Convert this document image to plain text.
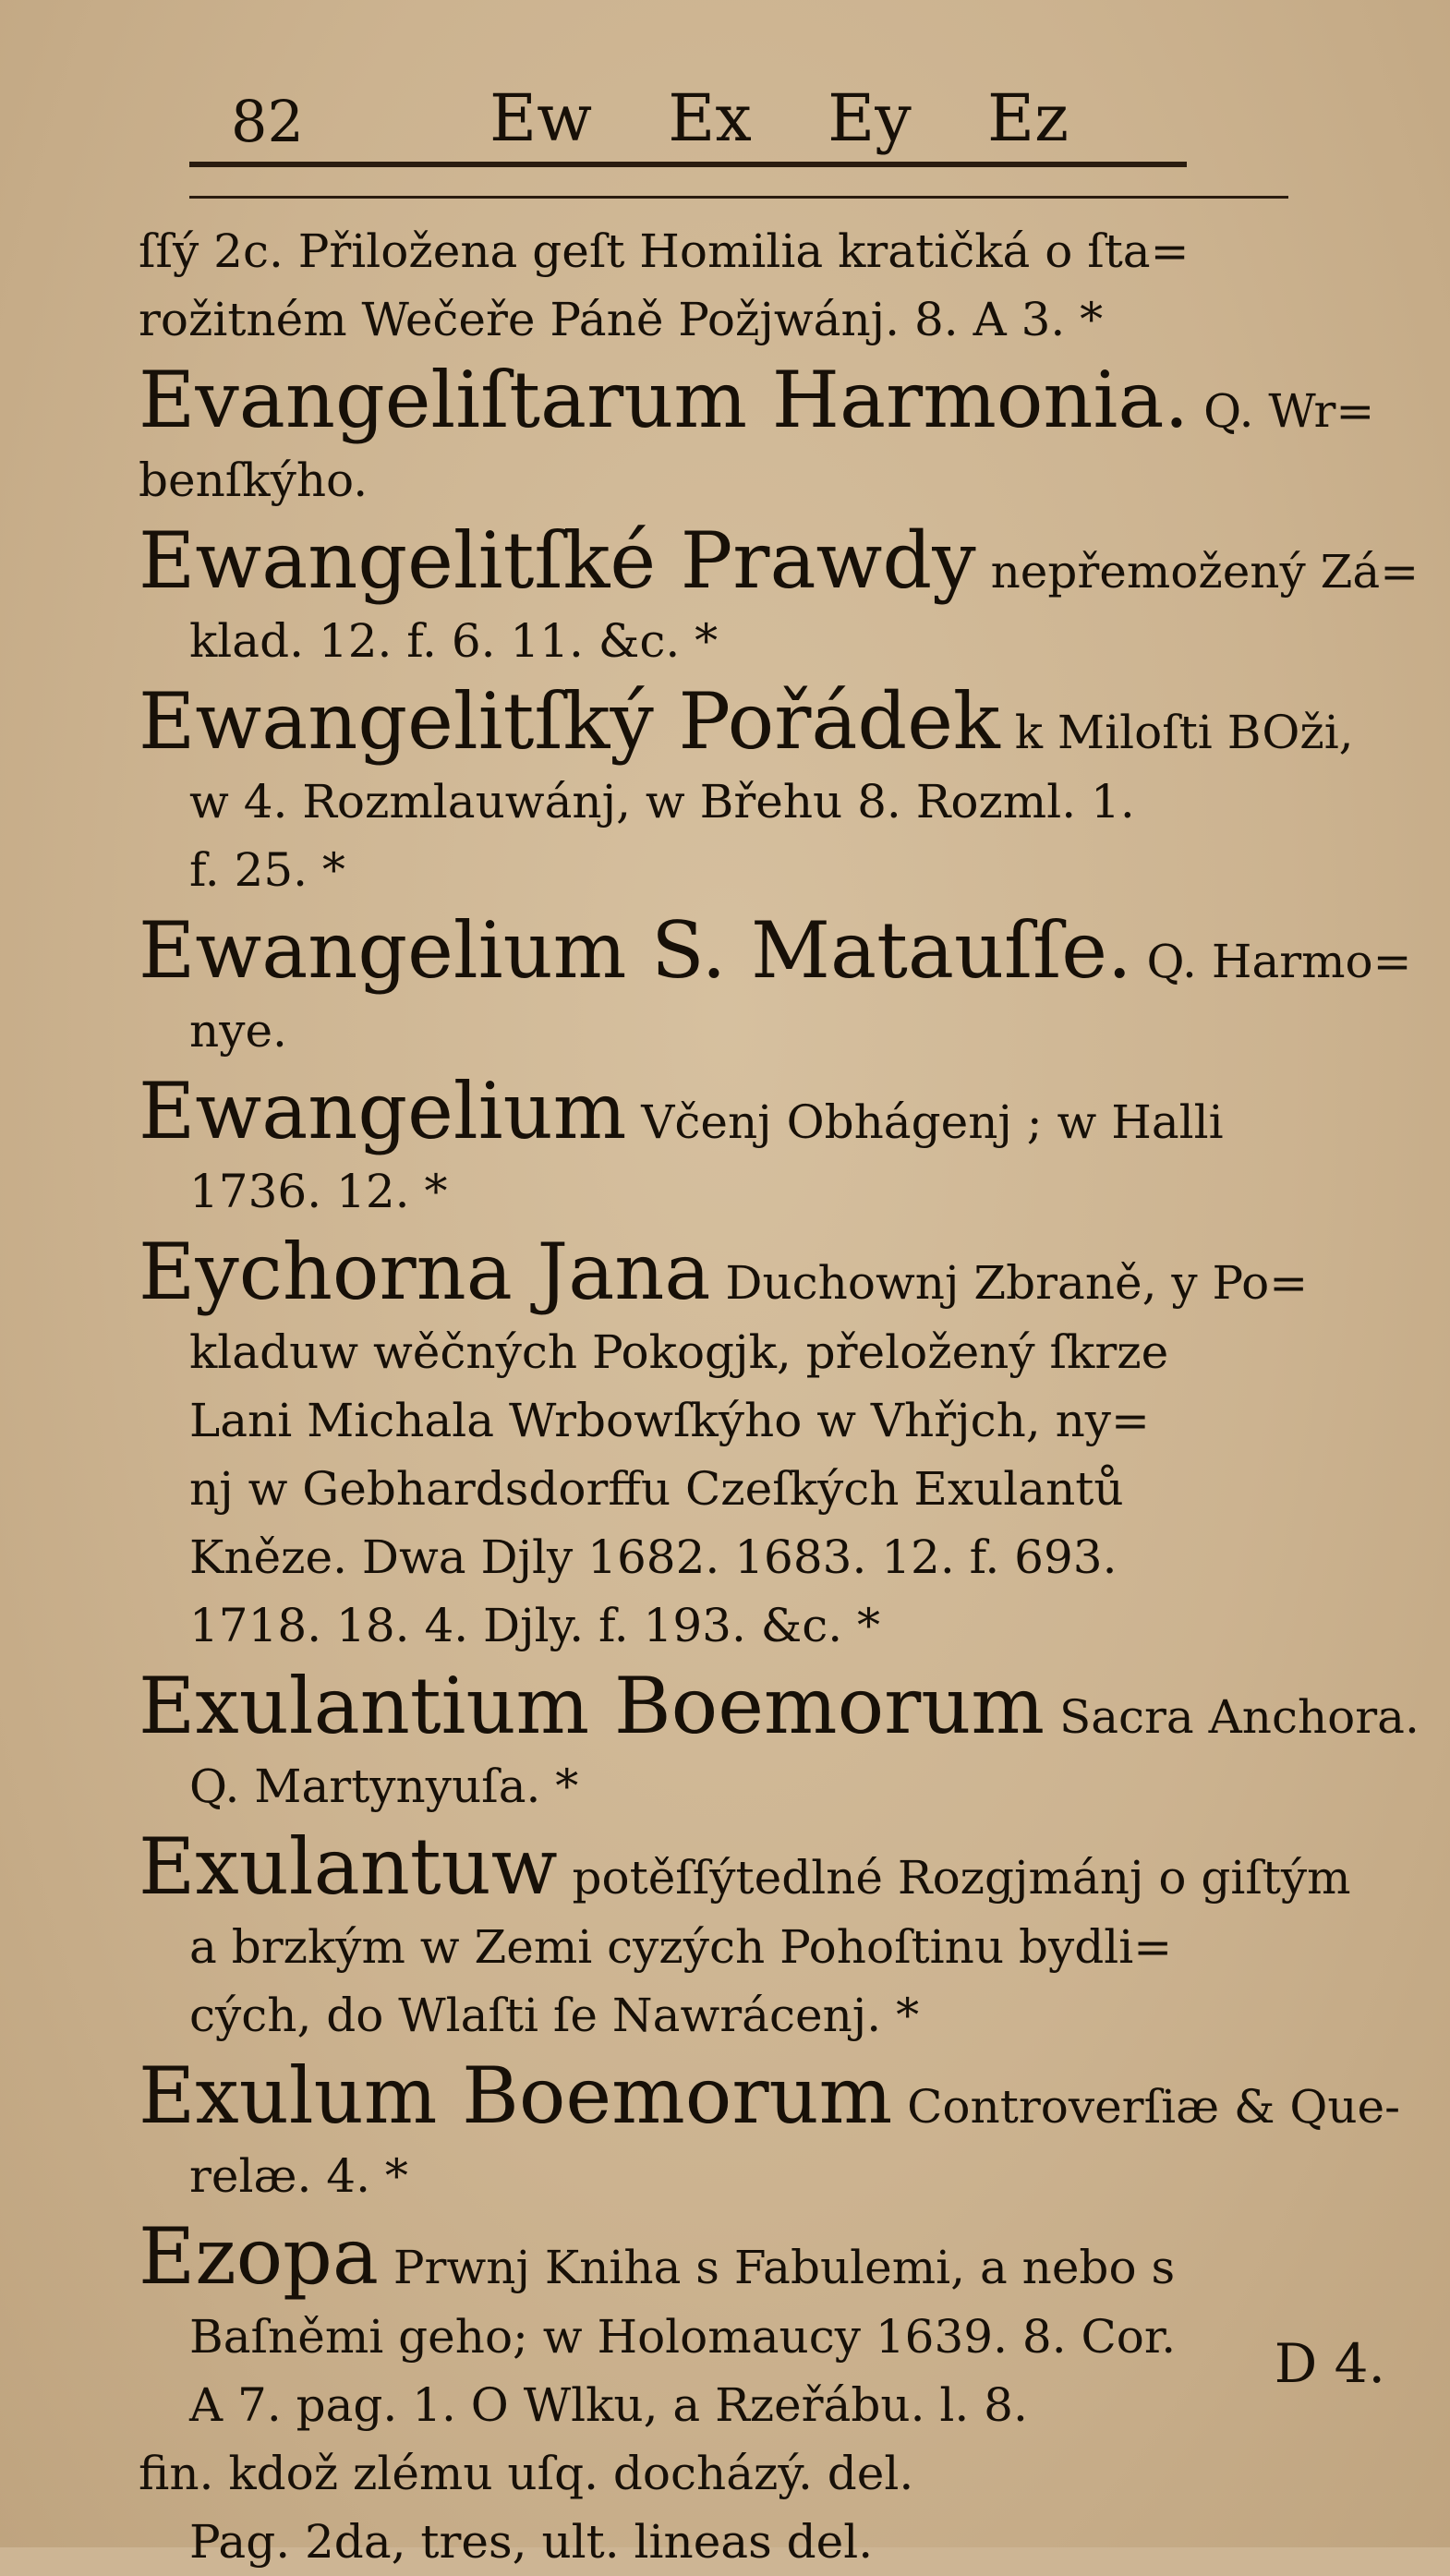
82	Ew Ex Ey Ez

ſſý 2c. Přiložena geſt Homilia kratičká o ſta=
rožitném Wečeře Páně Požjwánj. 8. A 3. *

Evangeliſtarum Harmonia. Q. Wr=
benſkýho.

Ewangelitſké Prawdy nepřemožený Zá=
klad. 12. f. 6. 11. &c. *

Ewangelitſký Pořádek k Miloſti BOži,
w 4. Rozmlauwánj, w Břehu 8. Rozml. 1.
f. 25. *

Ewangelium S. Matauſſe. Q. Harmo=
nye.

Ewangelium Včenj Obhágenj ; w Halli
1736. 12. *

Eychorna Jana Duchownj Zbraně, y Po=
kladuw wěčných Pokogjk, přeložený ſkrze
Lani Michala Wrbowſkýho w Vhřjch, ny=
nj w Gebhardsdorffu Czeſkých Exulantů
Kněze. Dwa Djly 1682. 1683. 12. f. 693.
1718. 18. 4. Djly. f. 193. &c. *

Exulantium Boemorum Sacra Anchora.
Q. Martynyuſa. *

Exulantuw potěſſýtedlné Rozgjmánj o giſtým
a brzkým w Zemi cyzých Pohoſtinu bydli=
cých, do Wlaſti ſe Nawrácenj. *

Exulum Boemorum Controverſiæ & Que-
relæ. 4. *

Ezopa Prwnj Kniha s Fabulemi, a nebo s
Baſněmi geho; w Holomaucy 1639. 8. Cor.
A 7. pag. 1. O Wlku, a Rzeřábu. l. 8.
fin. kdož zlému uſq. docházý. del.
Pag. 2da, tres, ult. lineas del.

D 4.
